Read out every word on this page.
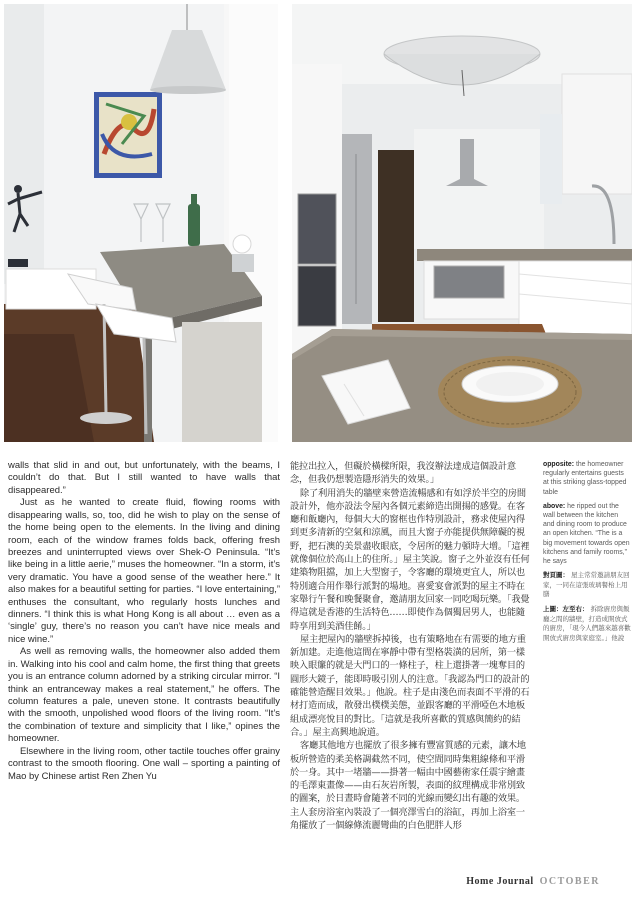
walls that slid in and out, but unfortunately, with the beams, I couldn’t do that. But I still wanted to have walls that disappeared.”

Just as he wanted to create fluid, flowing rooms with disappearing walls, so, too, did he wish to play on the sense of the home being open to the elements. In the living and dining room, each of the window frames folds back, offering fresh breezes and uninterrupted views over Shek-O Peninsula. “It’s like being in a little aerie,” muses the homeowner. “In a storm, it’s very dramatic. You have a good sense of the weather here.” It also makes for a beautiful setting for parties. “I love entertaining,” enthuses the consultant, who regularly hosts lunches and dinners. “I think this is what Hong Kong is all about … even as a ‘single’ guy, there’s no reason you can’t have nice meals and nice wine.”

As well as removing walls, the homeowner also added them in. Walking into his cool and calm home, the first thing that greets you is an entrance column adorned by a striking circular mirror. “I think an entranceway makes a real statement,” he offers. The column features a pale, uneven stone. It contrasts beautifully with the smooth, unpolished wood floors of the living room. “It’s the combination of texture and simplicity that I like,” opines the homeowner.

Elsewhere in the living room, other tactile touches offer grainy contrast to the smooth flooring. One wall – sporting a painting of Mao by Chinese artist Ren Zhen Yu

能拉出拉入，但礙於橫樑所限，我沒辦法達成這個設計意念，但我仍想製造隱形消失的效果。」

除了利用消失的牆壁來營造流暢感和有如浮於半空的房間設計外，他亦設法令屋內各個元素締造出開揚的感覺。在客廳和飯廳內，每個大大的窗框也作特別設計，務求使屋內得到更多清新的空氣和涼風，而且大窗子亦能提供無障礙的視野，把石澳的美景盡收眼底，令居所的魅力頓時大增。「這裡就像個位於高山上的住所。」屋主笑說。窗子之外並沒有任何建築物阻擋，加上大型窗子，令客廳的環境更宜人，所以也特別適合用作舉行派對的場地。喜愛宴會派對的屋主不時在家舉行午餐和晚餐聚會，邀請朋友回家一同吃喝玩樂。「我覺得這就是香港的生活特色……即使作為個獨居男人，也能隨時享用到美酒佳餚。」

屋主把屋內的牆壁拆掉後，也有策略地在有需要的地方重新加建。走進他這間在寧靜中帶有型格裝潢的居所，第一樣映入眼簾的就是大門口的一條柱子，柱上還掛著一塊奪目的圓形大鏡子，能即時吸引別人的注意。「我認為門口的設計的確能營造醒目效果。」他說。柱子是由淺色而表面不平滑的石材打造而成，散發出樸樸美態，並跟客廳的平滑啞色木地板組成漂亮悅目的對比。「這就是我所喜歡的質感與簡約的結合。」屋主高興地說道。

客廳其他地方也擺放了很多擁有豐富質感的元素，讓木地板所營造的柔美格調截然不同，使空間同時集粗線條和平滑於一身。其中一堵牆——掛著一幅由中國藝術家任震宇繪畫的毛澤東畫像——由石灰岩所製，表面的紋理構成非常別致的圖案，於日晝時會隨著不同的光線而變幻出有趣的效果。主人套房浴室內裝設了一個亮澤雪白的浴缸，再加上浴室一角擺放了一個線條流麗彎曲的白色肥胖人形

opposite: the homeowner regularly entertains guests at this striking glass-topped table

above: he ripped out the wall between the kitchen and dining room to produce an open kitchen. “The is a big movement towards open kitchens and family rooms,” he says

對頁圖： 屋主常常邀請朋友回家，一同在這張玻璃餐枱上用膳

上圖：左至右： 拆除廚房與飯廳之間的牆壁，打造成開放式的廚房，「現今人們越來越喜歡開放式廚房與家庭室。」他說

Home Journal OCTOBER
